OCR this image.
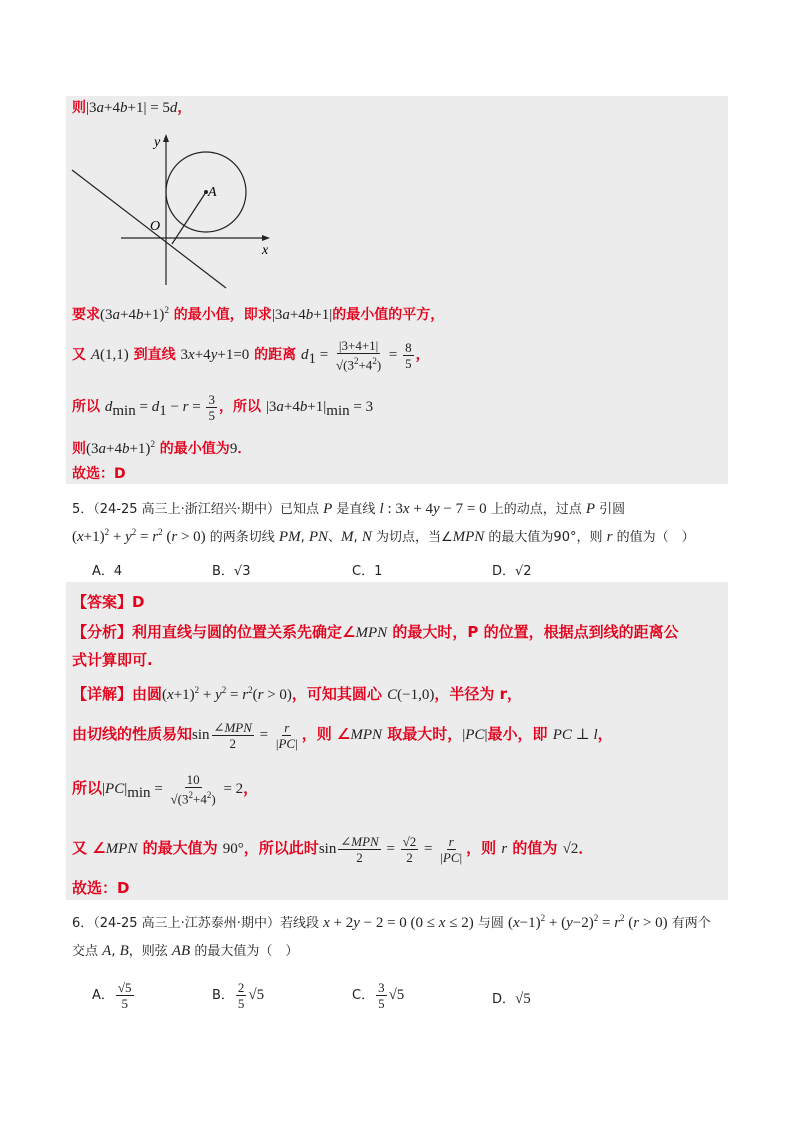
则|3a+4b+1| = 5d，
y
x
O
A
要求$(3a+4b+1)^2$ 的最小值，即求|3a+4b+1|的最小值的平方，
又 A(1,1) 到直线 3x+4y+1=0 的距离 $d_1 = \frac{|3+4+1|}{√(3^2+4^2)} = \frac{8}{5}$ ，
所以 $d_{min} = d_1 - r = \frac{3}{5}$ ，所以 $|3a+4b+1|_{min} = 3$
则$(3a+4b+1)^2$ 的最小值为9．
故选：D
5．（24-25 高三上·浙江绍兴·期中）已知点 P 是直线 l : 3x + 4y − 7 = 0 上的动点，过点 P 引圆
$(x+1)^2 + y^2 = r^2$ (r > 0) 的两条切线 PM, PN、M, N 为切点，当∠MPN 的最大值为90°，则 r 的值为（　）
A．4	B．√3	C．1	D．√2
【答案】D
【分析】利用直线与圆的位置关系先确定∠MPN 的最大时，P 的位置，根据点到线的距离公
式计算即可.
【详解】由圆$(x+1)^2 + y^2 = r^2(r > 0)$，可知其圆心 C(−1,0)，半径为 r，
由切线的性质易知$\sin \frac{\text{∠MPN}}{2} = \frac{r}{|PC|}$ ，则 ∠MPN 取最大时，|PC|最小，即 PC ⊥ l，
所以$|PC|_{min} = \frac{10}{√(3^2+4^2)} = 2$，
又 ∠MPN 的最大值为 90°，所以此时$\sin \frac{\text{∠MPN}}{2} = \frac{√2}{2} = \frac{r}{|PC|}$ ，则 r 的值为 √2．
故选：D
6．（24-25 高三上·江苏泰州·期中）若线段 x + 2y − 2 = 0 (0 ≤ x ≤ 2) 与圆 $(x-1)^2 + (y-2)^2 = r^2$ (r > 0) 有两个
交点 A, B，则弦 AB 的最大值为（　）
A． $\frac{√5}{5}$	B． $\frac{2}{5} √5$	C． $\frac{3}{5} √5$	D．√5
